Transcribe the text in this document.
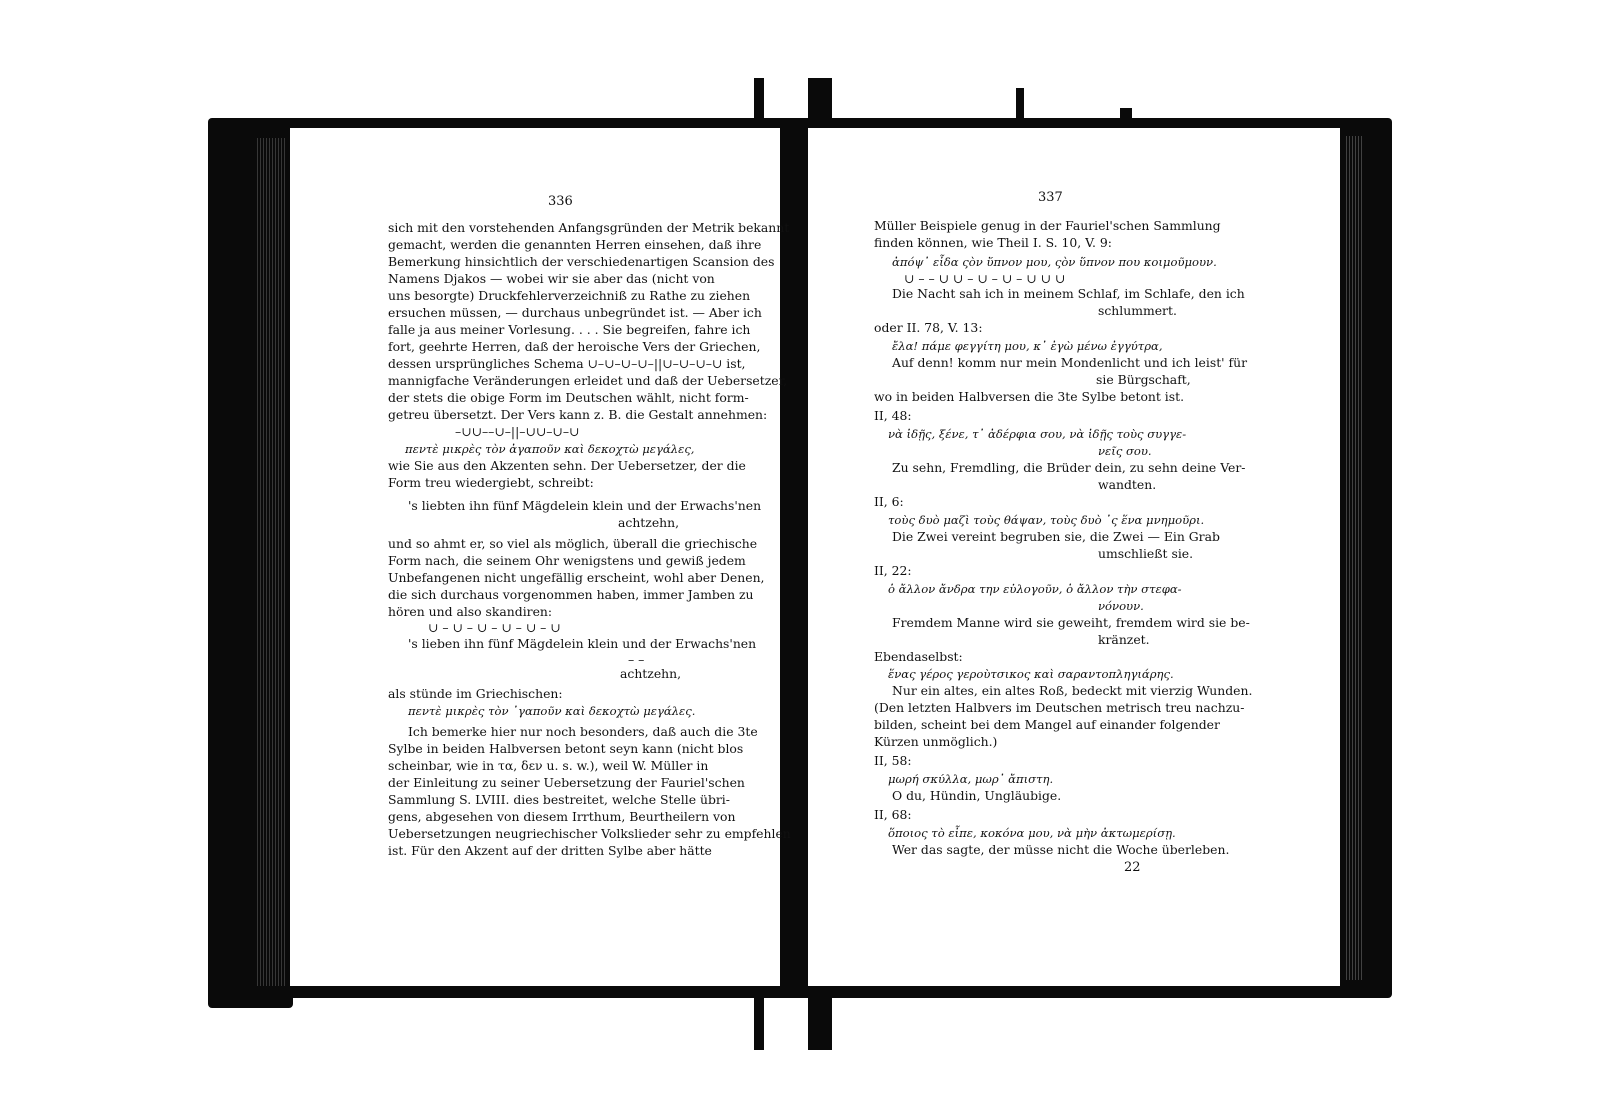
336
sich mit den vorstehenden Anfangsgründen der Metrik bekannt
gemacht, werden die genannten Herren einsehen, daß ihre
Bemerkung hinsichtlich der verschiedenartigen Scansion des
Namens Djakos — wobei wir sie aber das (nicht von
uns besorgte) Druckfehlerverzeichniß zu Rathe zu ziehen
ersuchen müssen, — durchaus unbegründet ist. — Aber ich
falle ja aus meiner Vorlesung. . . . Sie begreifen, fahre ich
fort, geehrte Herren, daß der heroische Vers der Griechen,
dessen ursprüngliches Schema ∪–∪–∪–∪–||∪–∪–∪–∪ ist,
mannigfache Veränderungen erleidet und daß der Uebersetzer,
der stets die obige Form im Deutschen wählt, nicht form-
getreu übersetzt. Der Vers kann z. B. die Gestalt annehmen:
–∪∪––∪–||–∪∪–∪–∪
πεντὲ μικρὲς τὸν ἀγαποῦν καὶ δεκοχτὼ μεγάλες,
wie Sie aus den Akzenten sehn. Der Uebersetzer, der die
Form treu wiedergiebt, schreibt:
's liebten ihn fünf Mägdelein klein und der Erwachs'nen
achtzehn,
und so ahmt er, so viel als möglich, überall die griechische
Form nach, die seinem Ohr wenigstens und gewiß jedem
Unbefangenen nicht ungefällig erscheint, wohl aber Denen,
die sich durchaus vorgenommen haben, immer Jamben zu
hören und also skandiren:
∪ – ∪ – ∪ – ∪ – ∪ – ∪
's lieben ihn fünf Mägdelein klein und der Erwachs'nen
– –
achtzehn,
als stünde im Griechischen:
πεντὲ μικρὲς τὸν ᾿γαποῦν καὶ δεκοχτὼ μεγάλες.
Ich bemerke hier nur noch besonders, daß auch die 3te
Sylbe in beiden Halbversen betont seyn kann (nicht blos
scheinbar, wie in τα, δεν u. s. w.), weil W. Müller in
der Einleitung zu seiner Uebersetzung der Fauriel'schen
Sammlung S. LVIII. dies bestreitet, welche Stelle übri-
gens, abgesehen von diesem Irrthum, Beurtheilern von
Uebersetzungen neugriechischer Volkslieder sehr zu empfehlen
ist. Für den Akzent auf der dritten Sylbe aber hätte
337
Müller Beispiele genug in der Fauriel'schen Sammlung
finden können, wie Theil I. S. 10, V. 9:
ἀπόψ᾿ εἶδα ςὸν ὕπνον μου, ςὸν ὕπνον που κοιμοῦμουν.
∪ – – ∪ ∪ – ∪ – ∪ – ∪ ∪ ∪
Die Nacht sah ich in meinem Schlaf, im Schlafe, den ich
schlummert.
oder II. 78, V. 13:
ἔλα! πάμε φεγγίτη μου, κ᾿ ἐγὼ μένω ἐγγύτρα,
Auf denn! komm nur mein Mondenlicht und ich leist' für
sie Bürgschaft,
wo in beiden Halbversen die 3te Sylbe betont ist.
II, 48:
νὰ ἰδῇς, ξένε, τ᾿ ἀδέρφια σου, νὰ ἰδῇς τοὺς συγγε-
νεῖς σου.
Zu sehn, Fremdling, die Brüder dein, zu sehn deine Ver-
wandten.
II, 6:
τοὺς δυὸ μαζὶ τοὺς θάψαν, τοὺς δυὸ ᾿ς ἕνα μνημοῦρι.
Die Zwei vereint begruben sie, die Zwei — Ein Grab
umschließt sie.
II, 22:
ὁ ἄλλον ἄνδρα την εὐλογοῦν, ὁ ἄλλον τὴν στεφα-
νόνουν.
Fremdem Manne wird sie geweiht, fremdem wird sie be-
kränzet.
Ebendaselbst:
ἕνας γέρος γεροὺτσικος καὶ σαραντοπληγιάρης.
Nur ein altes, ein altes Roß, bedeckt mit vierzig Wunden.
(Den letzten Halbvers im Deutschen metrisch treu nachzu-
bilden, scheint bei dem Mangel auf einander folgender
Kürzen unmöglich.)
II, 58:
μωρή σκύλλα, μωρ᾿ ἄπιστη.
O du, Hündin, Ungläubige.
II, 68:
ὅποιος τὸ εἶπε, κοκόνα μου, νὰ μὴν ἀκτωμερίσῃ.
Wer das sagte, der müsse nicht die Woche überleben.
22
